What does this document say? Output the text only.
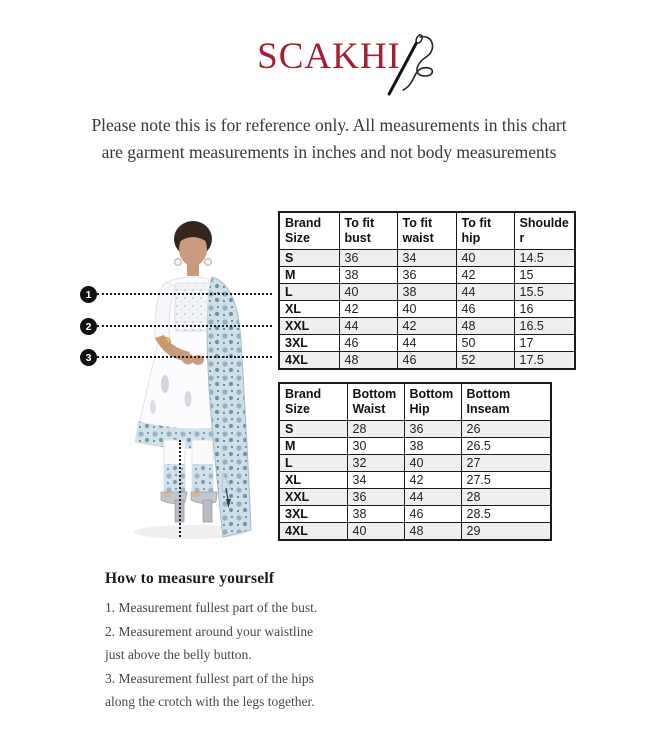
SCAKHI
Please note this is for reference only. All measurements in this chart
are garment measurements in inches and not body measurements
1
2
3
Brand Size	To fit bust	To fit waist	To fit hip	Shoulder
S	36	34	40	14.5
M	38	36	42	15
L	40	38	44	15.5
XL	42	40	46	16
XXL	44	42	48	16.5
3XL	46	44	50	17
4XL	48	46	52	17.5
Brand Size	Bottom Waist	Bottom Hip	Bottom Inseam
S	28	36	26
M	30	38	26.5
L	32	40	27
XL	34	42	27.5
XXL	36	44	28
3XL	38	46	28.5
4XL	40	48	29
How to measure yourself

1. Measurement fullest part of the bust.

2. Measurement around your waistline

just above the belly button.

3. Measurement fullest part of the hips

along the crotch with the legs together.
